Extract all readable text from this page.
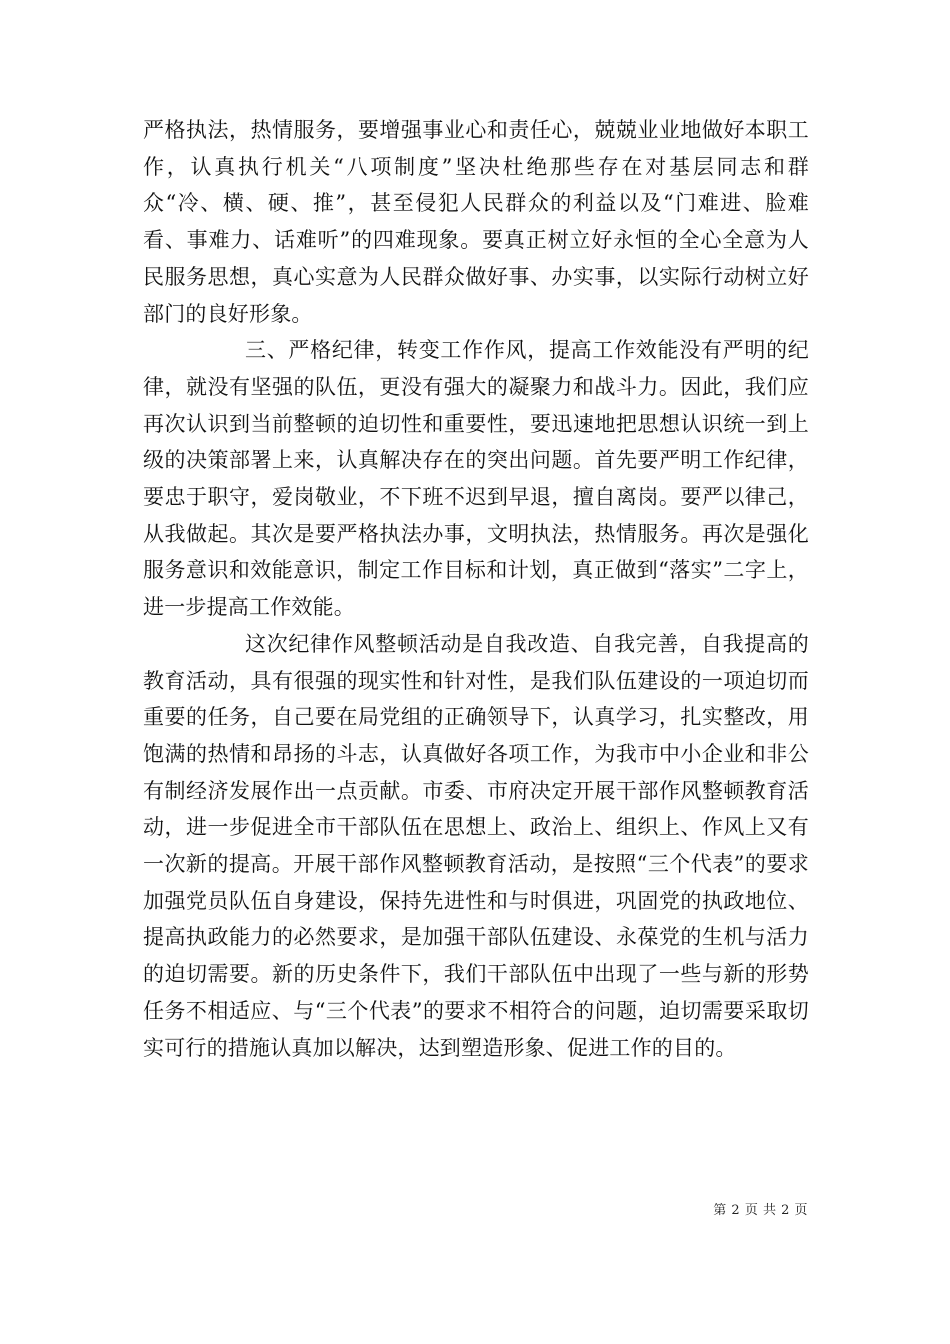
严格执法，热情服务，要增强事业心和责任心，兢兢业业地做好本职工作，认真执行机关“八项制度”坚决杜绝那些存在对基层同志和群众“冷、横、硬、推”，甚至侵犯人民群众的利益以及“门难进、脸难看、事难力、话难听”的四难现象。要真正树立好永恒的全心全意为人民服务思想，真心实意为人民群众做好事、办实事，以实际行动树立好部门的良好形象。

三、严格纪律，转变工作作风，提高工作效能没有严明的纪律，就没有坚强的队伍，更没有强大的凝聚力和战斗力。因此，我们应再次认识到当前整顿的迫切性和重要性，要迅速地把思想认识统一到上级的决策部署上来，认真解决存在的突出问题。首先要严明工作纪律，要忠于职守，爱岗敬业，不下班不迟到早退，擅自离岗。要严以律己，从我做起。其次是要严格执法办事，文明执法，热情服务。再次是强化服务意识和效能意识，制定工作目标和计划，真正做到“落实”二字上，进一步提高工作效能。

这次纪律作风整顿活动是自我改造、自我完善，自我提高的教育活动，具有很强的现实性和针对性，是我们队伍建设的一项迫切而重要的任务，自己要在局党组的正确领导下，认真学习，扎实整改，用饱满的热情和昂扬的斗志，认真做好各项工作，为我市中小企业和非公有制经济发展作出一点贡献。市委、市府决定开展干部作风整顿教育活动，进一步促进全市干部队伍在思想上、政治上、组织上、作风上又有一次新的提高。开展干部作风整顿教育活动，是按照“三个代表”的要求加强党员队伍自身建设，保持先进性和与时俱进，巩固党的执政地位、提高执政能力的必然要求，是加强干部队伍建设、永葆党的生机与活力的迫切需要。新的历史条件下，我们干部队伍中出现了一些与新的形势任务不相适应、与“三个代表”的要求不相符合的问题，迫切需要采取切实可行的措施认真加以解决，达到塑造形象、促进工作的目的。

第 2 页 共 2 页
